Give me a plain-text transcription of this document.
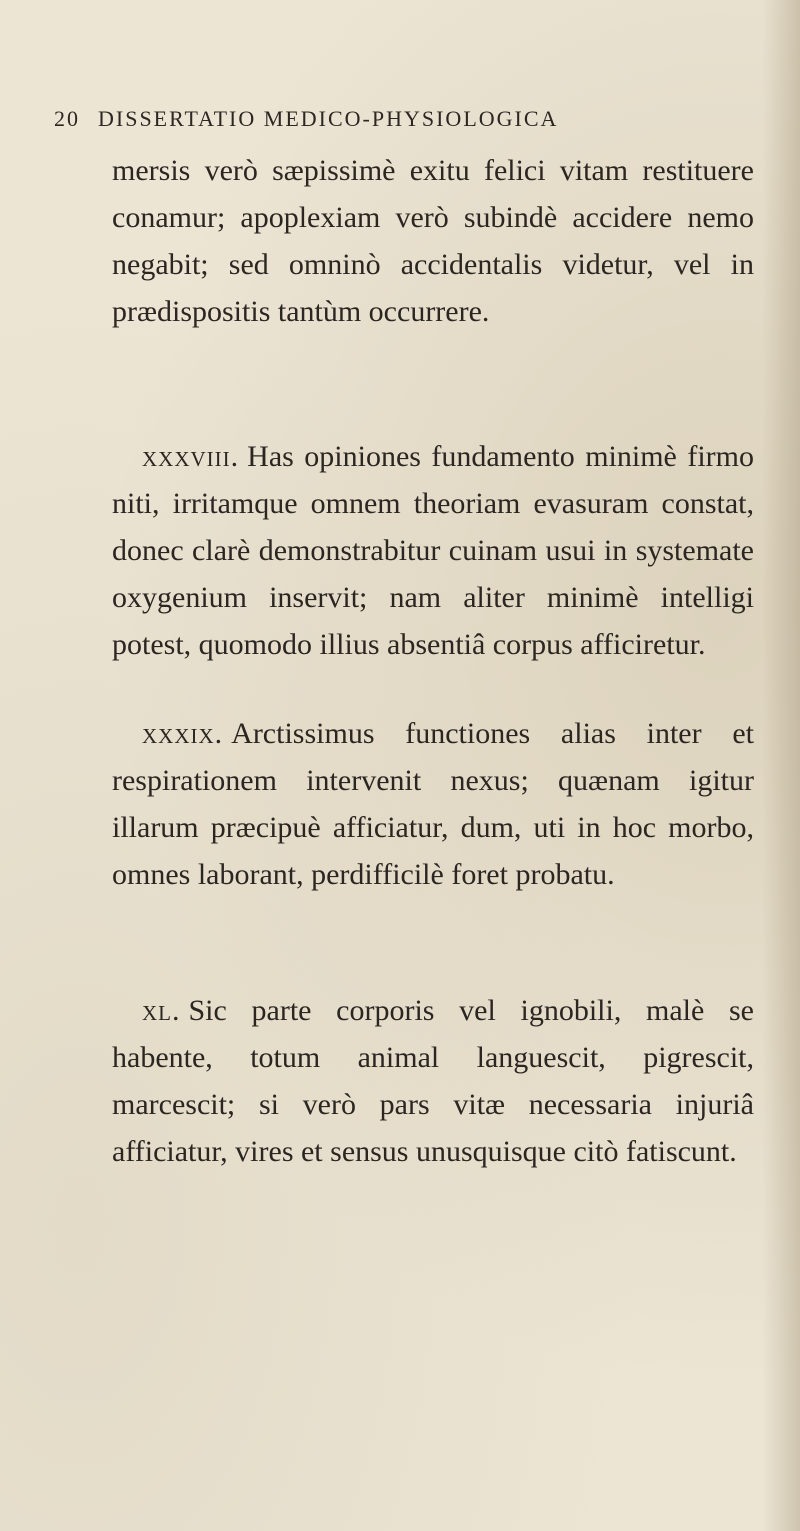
20 DISSERTATIO MEDICO-PHYSIOLOGICA
mersis verò sæpissimè exitu felici vitam restituere conamur; apoplexiam verò subindè accidere nemo negabit; sed omninò accidentalis videtur, vel in prædispositis tantùm occurrere.
xxxviii. Has opiniones fundamento minimè firmo niti, irritamque omnem theoriam evasuram constat, donec clarè demonstrabitur cuinam usui in systemate oxygenium inservit; nam aliter minimè intelligi potest, quomodo illius absentiâ corpus afficiretur.
xxxix. Arctissimus functiones alias inter et respirationem intervenit nexus; quænam igitur illarum præcipuè afficiatur, dum, uti in hoc morbo, omnes laborant, perdifficilè foret probatu.
xl. Sic parte corporis vel ignobili, malè se habente, totum animal languescit, pigrescit, marcescit; si verò pars vitæ necessaria injuriâ afficiatur, vires et sensus unusquisque citò fatiscunt.
